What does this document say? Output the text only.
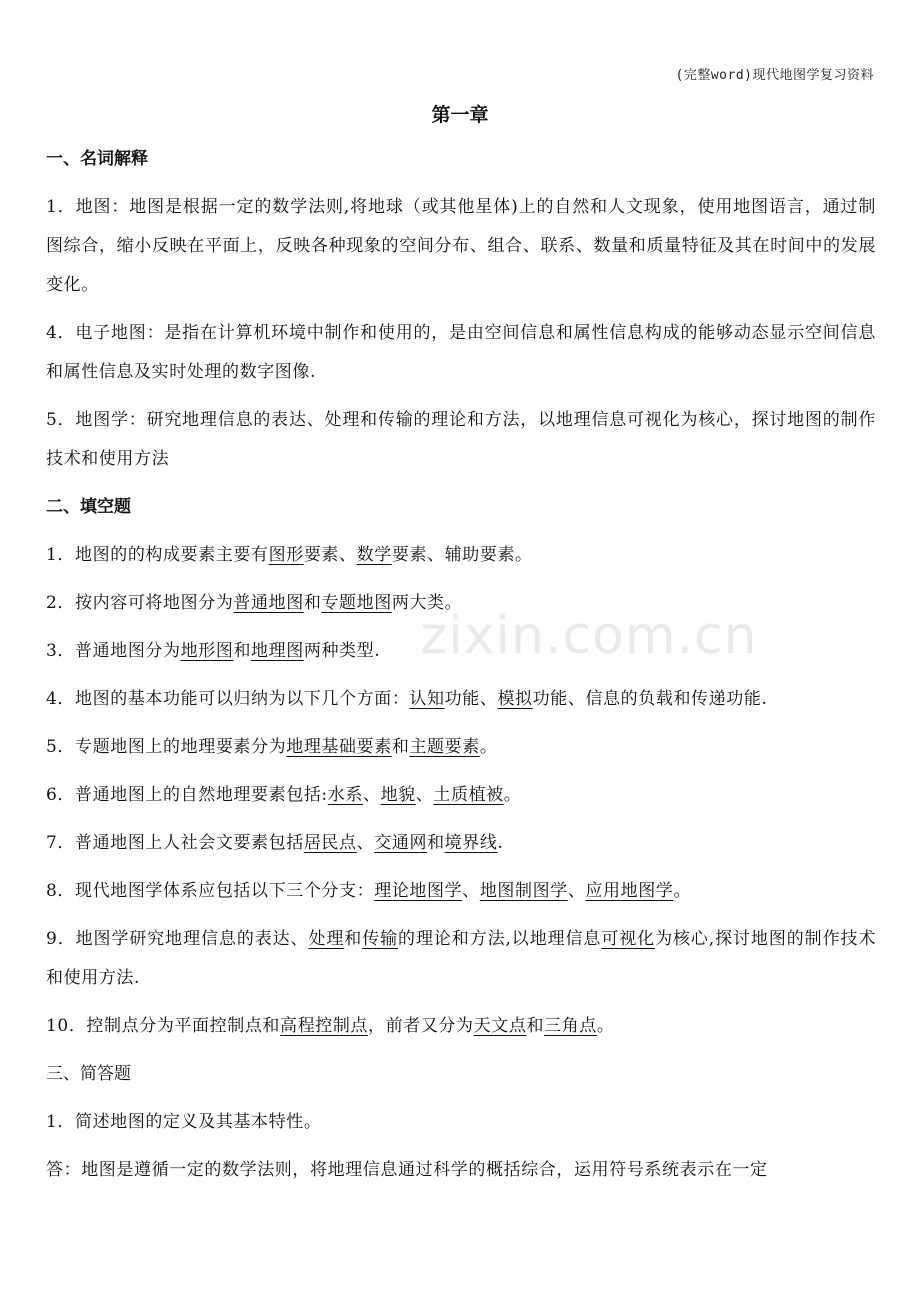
(完整word)现代地图学复习资料
第一章
zixin.com.cn
一、名词解释
1．地图：地图是根据一定的数学法则,将地球（或其他星体)上的自然和人文现象，使用地图语言，通过制图综合，缩小反映在平面上，反映各种现象的空间分布、组合、联系、数量和质量特征及其在时间中的发展变化。
4．电子地图：是指在计算机环境中制作和使用的，是由空间信息和属性信息构成的能够动态显示空间信息和属性信息及实时处理的数字图像.
5．地图学：研究地理信息的表达、处理和传输的理论和方法，以地理信息可视化为核心，探讨地图的制作技术和使用方法
二、填空题
1．地图的的构成要素主要有图形要素、数学要素、辅助要素。
2．按内容可将地图分为普通地图和专题地图两大类。
3．普通地图分为地形图和地理图两种类型.
4．地图的基本功能可以归纳为以下几个方面：认知功能、模拟功能、信息的负载和传递功能.
5．专题地图上的地理要素分为地理基础要素和主题要素。
6．普通地图上的自然地理要素包括:水系、地貌、土质植被。
7．普通地图上人社会文要素包括居民点、交通网和境界线.
8．现代地图学体系应包括以下三个分支：理论地图学、地图制图学、应用地图学。
9．地图学研究地理信息的表达、处理和传输的理论和方法,以地理信息可视化为核心,探讨地图的制作技术和使用方法.
10．控制点分为平面控制点和高程控制点，前者又分为天文点和三角点。
三、简答题
1．简述地图的定义及其基本特性。
答：地图是遵循一定的数学法则，将地理信息通过科学的概括综合，运用符号系统表示在一定
